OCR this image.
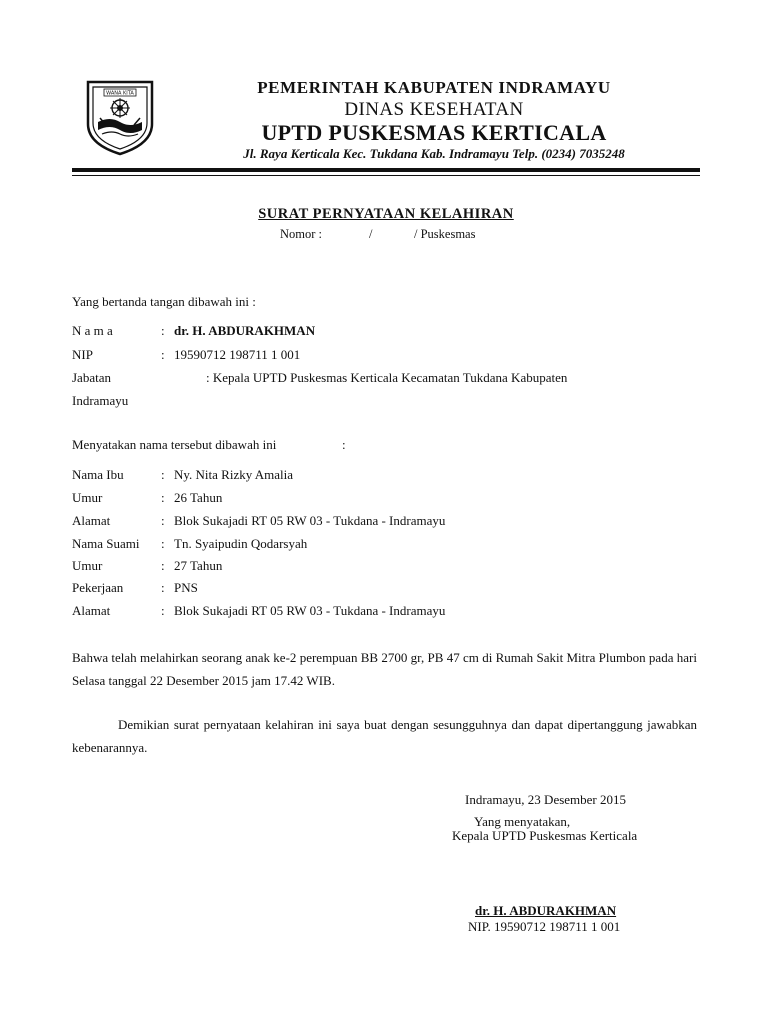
WANA KITA	PEMERINTAH KABUPATEN INDRAMAYU
DINAS KESEHATAN
UPTD PUSKESMAS KERTICALA
Jl. Raya Kerticala Kec. Tukdana Kab. Indramayu Telp. (0234) 7035248
SURAT PERNYATAAN KELAHIRAN
Nomor :	/	/ Puskesmas
Yang bertanda tangan dibawah ini :
N a m a	: dr. H. ABDURAKHMAN
NIP	: 19590712 198711 1 001
Jabatan	: Kepala UPTD Puskesmas Kerticala Kecamatan Tukdana Kabupaten
Indramayu
Menyatakan nama tersebut dibawah ini	:
Nama Ibu	: Ny. Nita Rizky Amalia
Umur	: 26 Tahun
Alamat	: Blok Sukajadi RT 05 RW 03 - Tukdana - Indramayu
Nama Suami : Tn. Syaipudin Qodarsyah
Umur	: 27 Tahun
Pekerjaan	: PNS
Alamat	: Blok Sukajadi RT 05 RW 03 - Tukdana - Indramayu
Bahwa telah melahirkan seorang anak ke-2 perempuan BB 2700 gr, PB 47 cm di Rumah Sakit Mitra Plumbon pada hari Selasa tanggal 22 Desember 2015 jam 17.42 WIB.
Demikian surat pernyataan kelahiran ini saya buat dengan sesungguhnya dan dapat dipertanggung jawabkan kebenarannya.
Indramayu, 23 Desember 2015
Yang menyatakan,
Kepala UPTD Puskesmas Kerticala
dr. H. ABDURAKHMAN
NIP. 19590712 198711 1 001
